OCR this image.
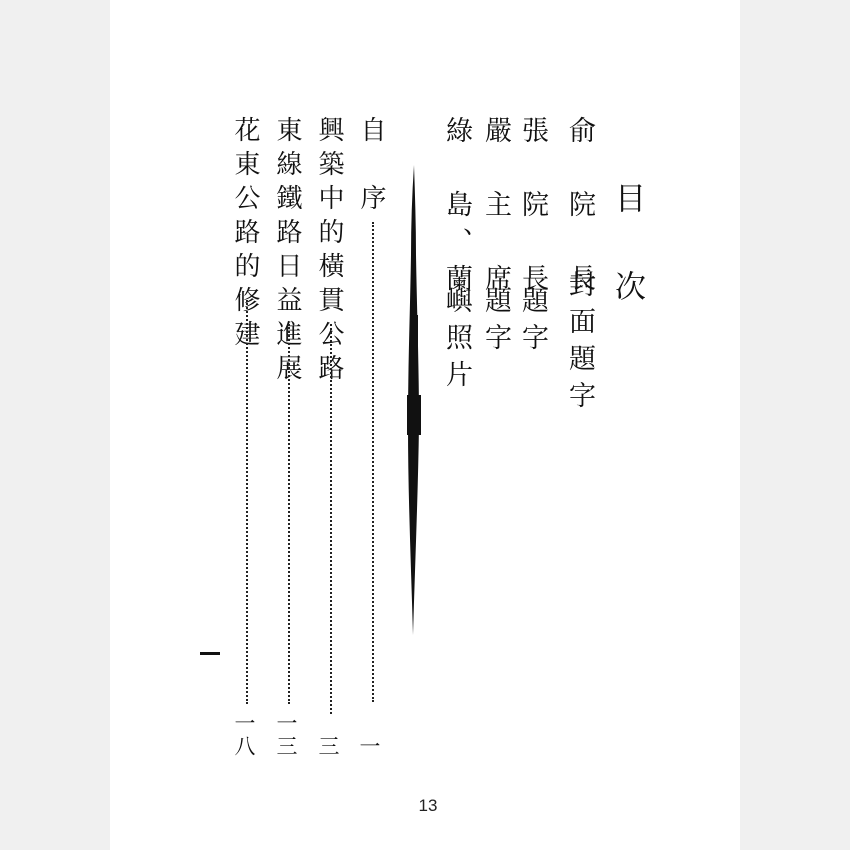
目
次
俞　院　長
封面題字
張　院　長
題字
嚴　主　席
題字
綠　島、蘭
嶼照片
自　序
一
興築中的橫貫公路
三
東線鐵路日益進展
一三
花東公路的修建
一八
13
